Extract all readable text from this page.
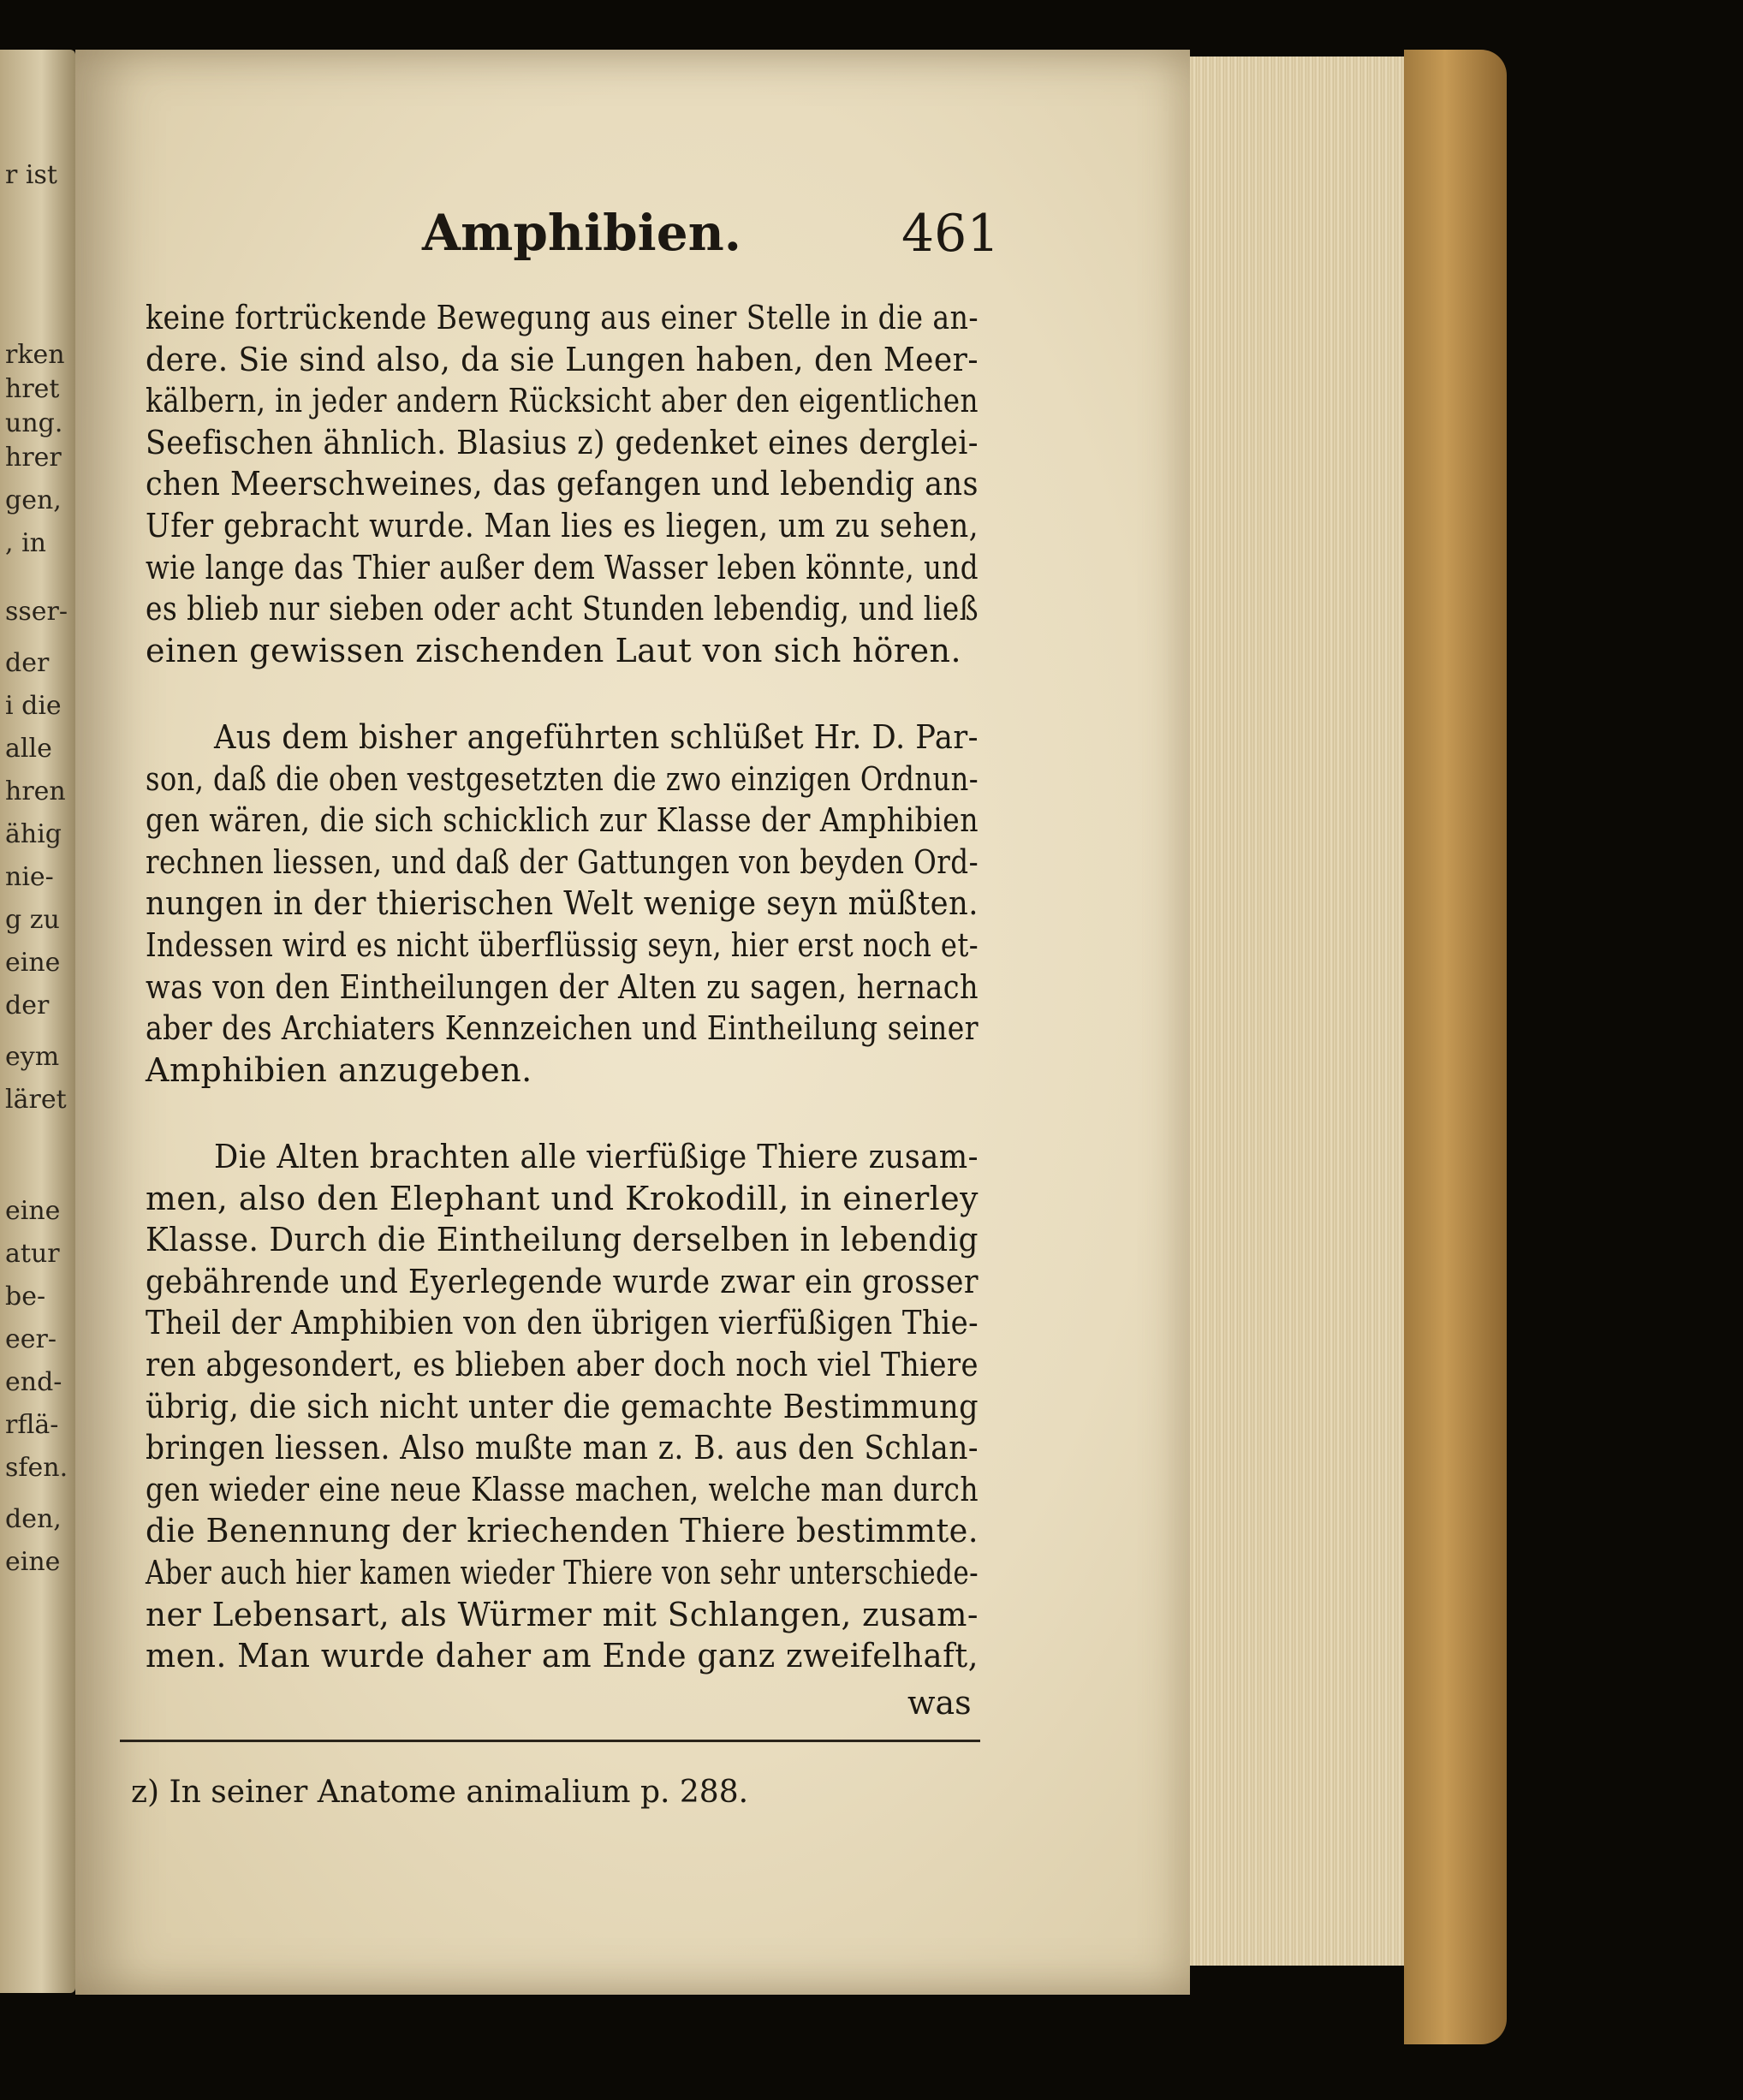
r ist
rken
hret
ung.
hrer
gen,
, in
sser-
der
i die
alle
hren
ähig
nie-
g zu
eine
der
eym
läret
eine
atur
be-
eer-
end-
rflä-
sfen.
den,
eine
Amphibien.	461
keine fortrückende Bewegung aus einer Stelle in die an-
dere. Sie sind also, da sie Lungen haben, den Meer-
kälbern, in jeder andern Rücksicht aber den eigentlichen
Seefischen ähnlich. Blasius z) gedenket eines derglei-
chen Meerschweines, das gefangen und lebendig ans
Ufer gebracht wurde. Man lies es liegen, um zu sehen,
wie lange das Thier außer dem Wasser leben könnte, und
es blieb nur sieben oder acht Stunden lebendig, und ließ
einen gewissen zischenden Laut von sich hören.
Aus dem bisher angeführten schlüßet Hr. D. Par-
son, daß die oben vestgesetzten die zwo einzigen Ordnun-
gen wären, die sich schicklich zur Klasse der Amphibien
rechnen liessen, und daß der Gattungen von beyden Ord-
nungen in der thierischen Welt wenige seyn müßten.
Indessen wird es nicht überflüssig seyn, hier erst noch et-
was von den Eintheilungen der Alten zu sagen, hernach
aber des Archiaters Kennzeichen und Eintheilung seiner
Amphibien anzugeben.
Die Alten brachten alle vierfüßige Thiere zusam-
men, also den Elephant und Krokodill, in einerley
Klasse. Durch die Eintheilung derselben in lebendig
gebährende und Eyerlegende wurde zwar ein grosser
Theil der Amphibien von den übrigen vierfüßigen Thie-
ren abgesondert, es blieben aber doch noch viel Thiere
übrig, die sich nicht unter die gemachte Bestimmung
bringen liessen. Also mußte man z. B. aus den Schlan-
gen wieder eine neue Klasse machen, welche man durch
die Benennung der kriechenden Thiere bestimmte.
Aber auch hier kamen wieder Thiere von sehr unterschiede-
ner Lebensart, als Würmer mit Schlangen, zusam-
men. Man wurde daher am Ende ganz zweifelhaft,
was
z) In seiner Anatome animalium p. 288.
